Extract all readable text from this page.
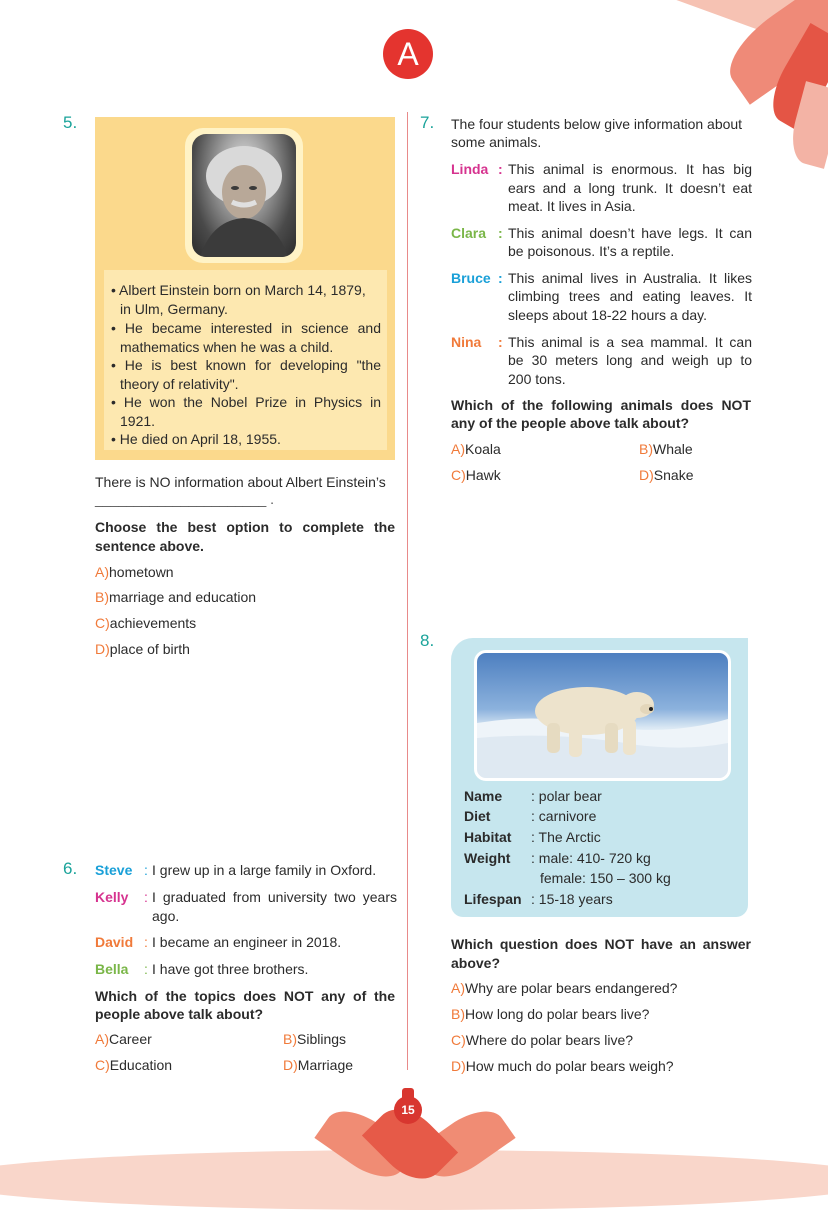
A
5.
• Albert Einstein born on March 14, 1879,
in Ulm, Germany.
• He became interested in science and
mathematics when he was a child.
• He is best known for developing "the
theory of relativity".
• He won the Nobel Prize in Physics in
1921.
• He died on April 18, 1955.
There is NO information about Albert Einstein’s
______________________ .
Choose the best option to complete the
sentence above.
A)hometown
B)marriage and education
C)achievements
D)place of birth
6. Steve : I grew up in a large family in Oxford.
Kelly : I graduated from university two years
ago.
David : I became an engineer in 2018.
Bella : I have got three brothers.
Which of the topics does NOT any of the
people above talk about?
A)Career	B)Siblings
C)Education	D)Marriage
7. The four students below give information about
some animals.
Linda : This animal is enormous. It has big
ears and a long trunk. It doesn’t eat
meat. It lives in Asia.
Clara : This animal doesn’t have legs. It can
be poisonous. It’s a reptile.
Bruce : This animal lives in Australia. It likes
climbing trees and eating leaves. It
sleeps about 18-22 hours a day.
Nina : This animal is a sea mammal. It can
be 30 meters long and weigh up to
200 tons.
Which of the following animals does NOT
any of the people above talk about?
A)Koala	B)Whale
C)Hawk	D)Snake
8.
Name : polar bear
Diet	: carnivore
Habitat : The Arctic
Weight : male: 410- 720 kg
female: 150 – 300 kg
Lifespan : 15-18 years
Which question does NOT have an answer
above?
A)Why are polar bears endangered?
B)How long do polar bears live?
C)Where do polar bears live?
D)How much do polar bears weigh?
15
